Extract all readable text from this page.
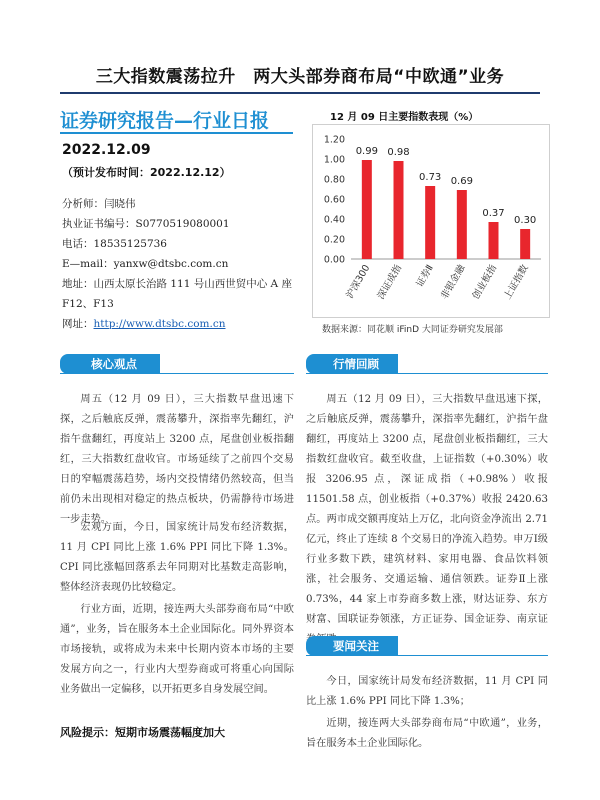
三大指数震荡拉升　两大头部券商布局“中欧通”业务
证券研究报告—行业日报
2022.12.09
（预计发布时间：2022.12.12）
分析师：闫晓伟
执业证书编号：S0770519080001
电话：18535125736
E—mail：yanxw@dtsbc.com.cn
地址：山西太原长治路 111 号山西世贸中心 A 座
F12、F13
网址：http://www.dtsbc.com.cn
12 月 09 日主要指数表现（%）
0.00
0.20
0.40
0.60
0.80
1.00
1.20
0.99
沪深300
0.98
深证成指
0.73
证券Ⅱ
0.69
非银金融
0.37
创业板指
0.30
上证指数
数据来源：同花顺 iFinD 大同证券研究发展部
核心观点
周五（12 月 09 日），三大指数早盘迅速下探，之后触底反弹，震荡攀升，深指率先翻红，沪指午盘翻红，再度站上 3200 点，尾盘创业板指翻红，三大指数红盘收官。市场延续了之前四个交易日的窄幅震荡趋势，场内交投情绪仍然较高，但当前仍未出现相对稳定的热点板块，仍需静待市场进一步走势。
宏观方面，今日，国家统计局发布经济数据，11 月 CPI 同比上涨 1.6% PPI 同比下降 1.3%。CPI 同比涨幅回落系去年同期对比基数走高影响，整体经济表现仍比较稳定。
行业方面，近期，接连两大头部券商布局“中欧通”，业务，旨在服务本土企业国际化。同外界资本市场接轨，或将成为未来中长期内资本市场的主要发展方向之一，行业内大型券商或可将重心向国际业务做出一定偏移，以开拓更多自身发展空间。
风险提示：短期市场震荡幅度加大
行情回顾
周五（12 月 09 日），三大指数早盘迅速下探，之后触底反弹，震荡攀升，深指率先翻红，沪指午盘翻红，再度站上 3200 点，尾盘创业板指翻红，三大指数红盘收官。截至收盘，上证指数（+0.30%）收报 3206.95 点，深证成指（+0.98%）收报 11501.58 点，创业板指（+0.37%）收报 2420.63 点。两市成交额再度站上万亿，北向资金净流出 2.71 亿元，终止了连续 8 个交易日的净流入趋势。申万Ⅰ级行业多数下跌，建筑材料、家用电器、食品饮料领涨，社会服务、交通运输、通信领跌。证券Ⅱ上涨 0.73%，44 家上市券商多数上涨，财达证券、东方财富、国联证券领涨，方正证券、国金证券、南京证
要闻关注
今日，国家统计局发布经济数据，11 月 CPI 同比上涨 1.6% PPI 同比下降 1.3%；
近期，接连两大头部券商布局“中欧通”，业务，旨在服务本土企业国际化。
